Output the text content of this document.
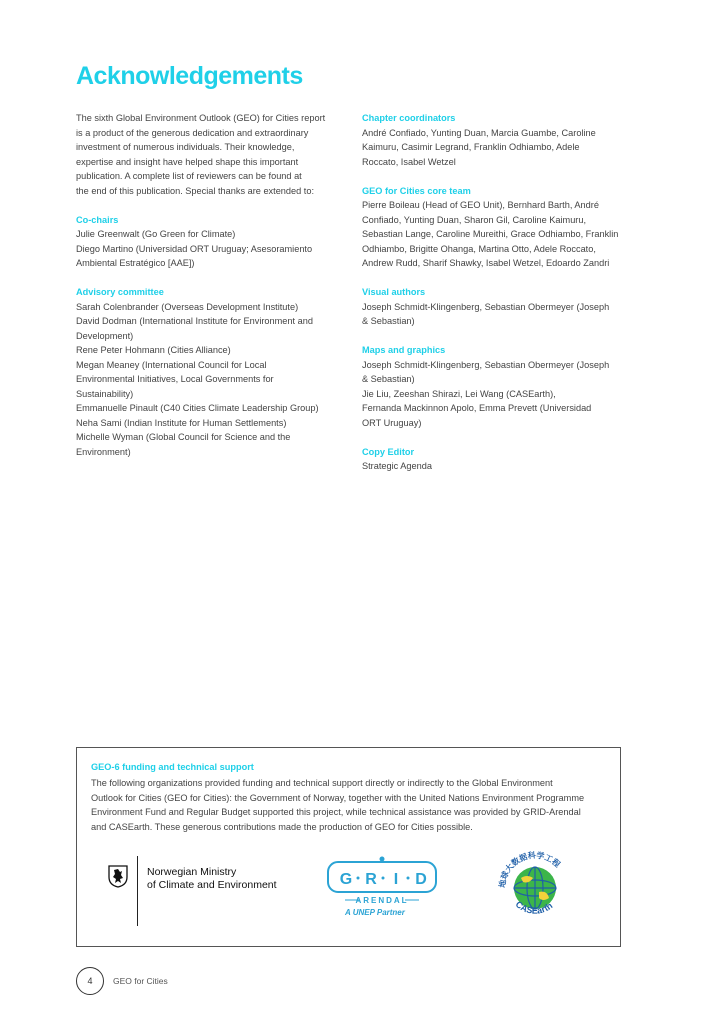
Acknowledgements
The sixth Global Environment Outlook (GEO) for Cities report
is a product of the generous dedication and extraordinary
investment of numerous individuals. Their knowledge,
expertise and insight have helped shape this important
publication. A complete list of reviewers can be found at
the end of this publication. Special thanks are extended to:
Co-chairs
Julie Greenwalt (Go Green for Climate)
Diego Martino (Universidad ORT Uruguay; Asesoramiento
Ambiental Estratégico [AAE])
Advisory committee
Sarah Colenbrander (Overseas Development Institute)
David Dodman (International Institute for Environment and
Development)
Rene Peter Hohmann (Cities Alliance)
Megan Meaney (International Council for Local
Environmental Initiatives, Local Governments for
Sustainability)
Emmanuelle Pinault (C40 Cities Climate Leadership Group)
Neha Sami (Indian Institute for Human Settlements)
Michelle Wyman (Global Council for Science and the
Environment)
Chapter coordinators
André Confiado, Yunting Duan, Marcia Guambe, Caroline
Kaimuru, Casimir Legrand, Franklin Odhiambo, Adele
Roccato, Isabel Wetzel
GEO for Cities core team
Pierre Boileau (Head of GEO Unit), Bernhard Barth, André
Confiado, Yunting Duan, Sharon Gil, Caroline Kaimuru,
Sebastian Lange, Caroline Mureithi, Grace Odhiambo, Franklin
Odhiambo, Brigitte Ohanga, Martina Otto, Adele Roccato,
Andrew Rudd, Sharif Shawky, Isabel Wetzel, Edoardo Zandri
Visual authors
Joseph Schmidt-Klingenberg, Sebastian Obermeyer (Joseph
& Sebastian)
Maps and graphics
Joseph Schmidt-Klingenberg, Sebastian Obermeyer (Joseph
& Sebastian)
Jie Liu, Zeeshan Shirazi, Lei Wang (CASEarth),
Fernanda Mackinnon Apolo, Emma Prevett (Universidad
ORT Uruguay)
Copy Editor
Strategic Agenda
GEO-6 funding and technical support
The following organizations provided funding and technical support directly or indirectly to the Global Environment
Outlook for Cities (GEO for Cities): the Government of Norway, together with the United Nations Environment Programme
Environment Fund and Regular Budget supported this project, while technical assistance was provided by GRID-Arendal
and CASEarth. These generous contributions made the production of GEO for Cities possible.
Norwegian Ministry
of Climate and Environment	G R I D
ARENDAL
A UNEP Partner
地球大数据科学工程
CASEarth
4	GEO for Cities
